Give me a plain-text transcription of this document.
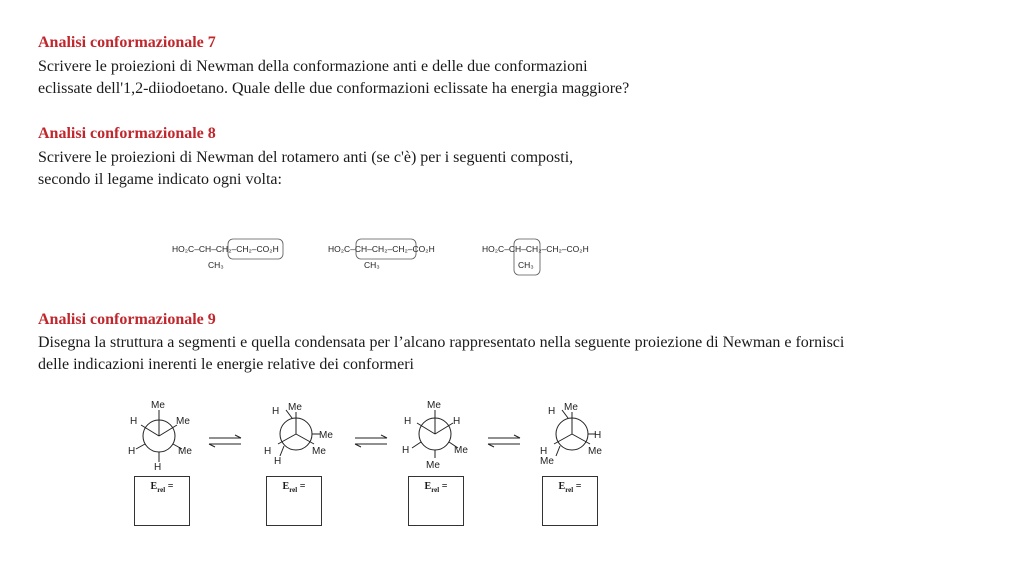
Analisi conformazionale 7
Scrivere le proiezioni di Newman della conformazione anti e delle due conformazioni
eclissate dell'1,2-diiodoetano. Quale delle due conformazioni eclissate ha energia maggiore?
Analisi conformazionale 8
Scrivere le proiezioni di Newman del rotamero anti (se c'è) per i seguenti composti,
secondo il legame indicato ogni volta:
HO₂C–CH–CH₂–CH₂–CO₂H
CH₃
HO₂C–CH–CH₂–CH₂–CO₂H
CH₃
HO₂C–CH–CH₂–CH₂–CO₂H
CH₃
Analisi conformazionale 9
Disegna la struttura a segmenti e quella condensata per l’alcano rappresentato nella seguente proiezione di Newman e fornisci
delle indicazioni inerenti le energie relative dei conformeri
Me
H	Me
H	Me
H
Me
H
Me
Me
H
H
Me
H	H
H	Me
Me
Me
H
H
Me
H
Me
$E_{rel}$ =	$E_{rel}$ =	$E_{rel}$ =	$E_{rel}$ =
